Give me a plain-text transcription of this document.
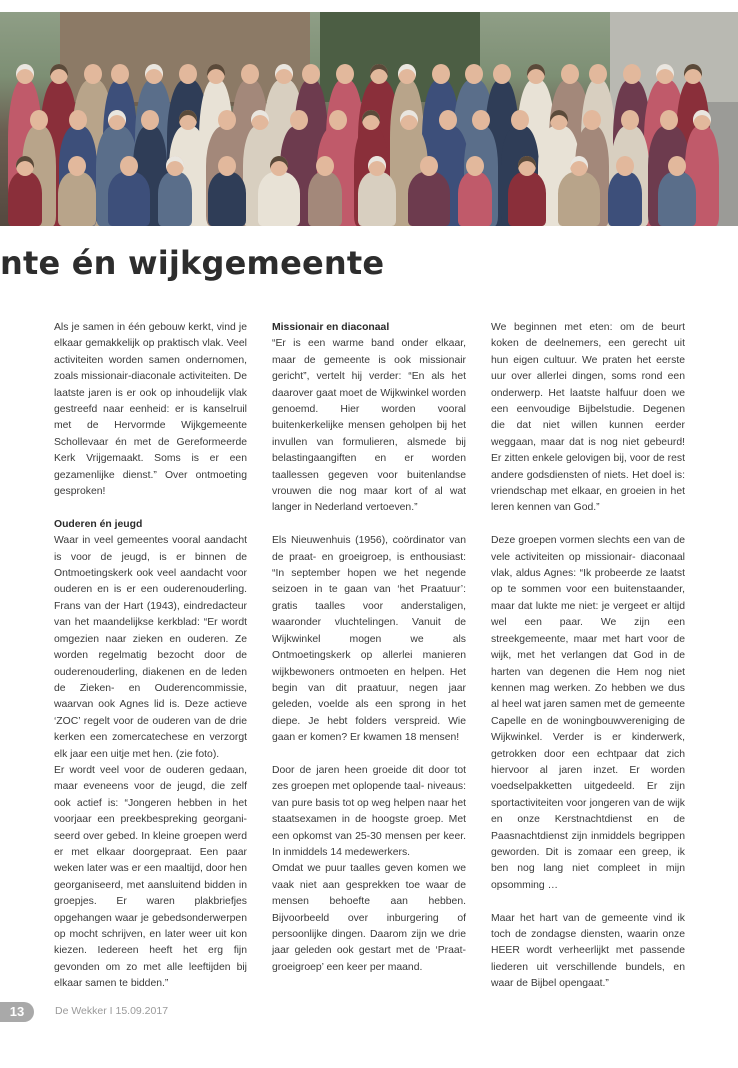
nte én wijkgemeente

Als je samen in één gebouw kerkt, vind je elkaar gemakkelijk op praktisch vlak. Veel activiteiten worden samen ondernomen, zoals missionair-diaconale activiteiten. De laatste jaren is er ook op inhoudelijk vlak gestreefd naar eenheid: er is kanselruil met de Hervormde Wijkgemeente Schollevaar én met de Gereformeerde Kerk Vrijgemaakt. Soms is er een gezamenlijke dienst.” Over ontmoeting gesproken!

Ouderen én jeugd

Waar in veel gemeentes vooral aandacht is voor de jeugd, is er binnen de Ontmoetingskerk ook veel aandacht voor ouderen en is er een ouderenouderling. Frans van der Hart (1943), eindredacteur van het maandelijkse kerkblad: “Er wordt omgezien naar zieken en ouderen. Ze worden regelmatig bezocht door de ouderenouderling, diakenen en de leden de Zieken- en Ouderencommissie, waarvan ook Agnes lid is. Deze actieve ‘ZOC’ regelt voor de ouderen van de drie kerken een zomercatechese en verzorgt elk jaar een uitje met hen. (zie foto).

Er wordt veel voor de ouderen gedaan, maar eveneens voor de jeugd, die zelf ook actief is: “Jongeren hebben in het voorjaar een preekbespreking georgani- seerd over gebed. In kleine groepen werd er met elkaar doorgepraat. Een paar weken later was er een maaltijd, door hen georganiseerd, met aansluitend bidden in groepjes. Er waren plakbriefjes opgehangen waar je gebedsonderwerpen op mocht schrijven, en later weer uit kon kiezen. Iedereen heeft het erg fijn gevonden om zo met alle leeftijden bij elkaar samen te bidden.”

Missionair en diaconaal

“Er is een warme band onder elkaar, maar de gemeente is ook missionair gericht”, vertelt hij verder: “En als het daarover gaat moet de Wijkwinkel worden genoemd. Hier worden vooral buitenkerkelijke mensen geholpen bij het invullen van formulieren, alsmede bij belastingaangiften en er worden taallessen gegeven voor buitenlandse vrouwen die nog maar kort of al wat langer in Nederland vertoeven.”

Els Nieuwenhuis (1956), coördinator van de praat- en groeigroep, is enthousiast: “In september hopen we het negende seizoen in te gaan van ‘het Praatuur’: gratis taalles voor anderstaligen, waaronder vluchtelingen. Vanuit de Wijkwinkel mogen we als Ontmoetingskerk op allerlei manieren wijkbewoners ontmoeten en helpen. Het begin van dit praatuur, negen jaar geleden, voelde als een sprong in het diepe. Je hebt folders verspreid. Wie gaan er komen? Er kwamen 18 mensen!

Door de jaren heen groeide dit door tot zes groepen met oplopende taal- niveaus: van pure basis tot op weg helpen naar het staatsexamen in de hoogste groep. Met een opkomst van 25-30 mensen per keer. In inmiddels 14 medewerkers.

Omdat we puur taalles geven komen we vaak niet aan gesprekken toe waar de mensen behoefte aan hebben. Bijvoorbeeld over inburgering of persoonlijke dingen. Daarom zijn we drie jaar geleden ook gestart met de ‘Praat-groeigroep’ een keer per maand.

We beginnen met eten: om de beurt koken de deelnemers, een gerecht uit hun eigen cultuur. We praten het eerste uur over allerlei dingen, soms rond een onderwerp. Het laatste halfuur doen we een eenvoudige Bijbelstudie. Degenen die dat niet willen kunnen eerder weggaan, maar dat is nog niet gebeurd! Er zitten enkele gelovigen bij, voor de rest andere godsdiensten of niets. Het doel is: vriendschap met elkaar, en groeien in het leren kennen van God.”

Deze groepen vormen slechts een van de vele activiteiten op missionair- diaconaal vlak, aldus Agnes: “Ik probeerde ze laatst op te sommen voor een buitenstaander, maar dat lukte me niet: je vergeet er altijd wel een paar. We zijn een streekgemeente, maar met hart voor de wijk, met het verlangen dat God in de harten van degenen die Hem nog niet kennen mag werken. Zo hebben we dus al heel wat jaren samen met de gemeente Capelle en de woningbouwvereniging de Wijkwinkel. Verder is er kinderwerk, getrokken door een echtpaar dat zich hiervoor al jaren inzet. Er worden voedselpakketten uitgedeeld. Er zijn sportactiviteiten voor jongeren van de wijk en onze Kerstnachtdienst en de Paasnachtdienst zijn inmiddels begrippen geworden. Dit is zomaar een greep, ik ben nog lang niet compleet in mijn opsomming …

Maar het hart van de gemeente vind ik toch de zondagse diensten, waarin onze HEER wordt verheerlijkt met passende liederen uit verschillende bundels, en waar de Bijbel opengaat.”

13	De Wekker I 15.09.2017
